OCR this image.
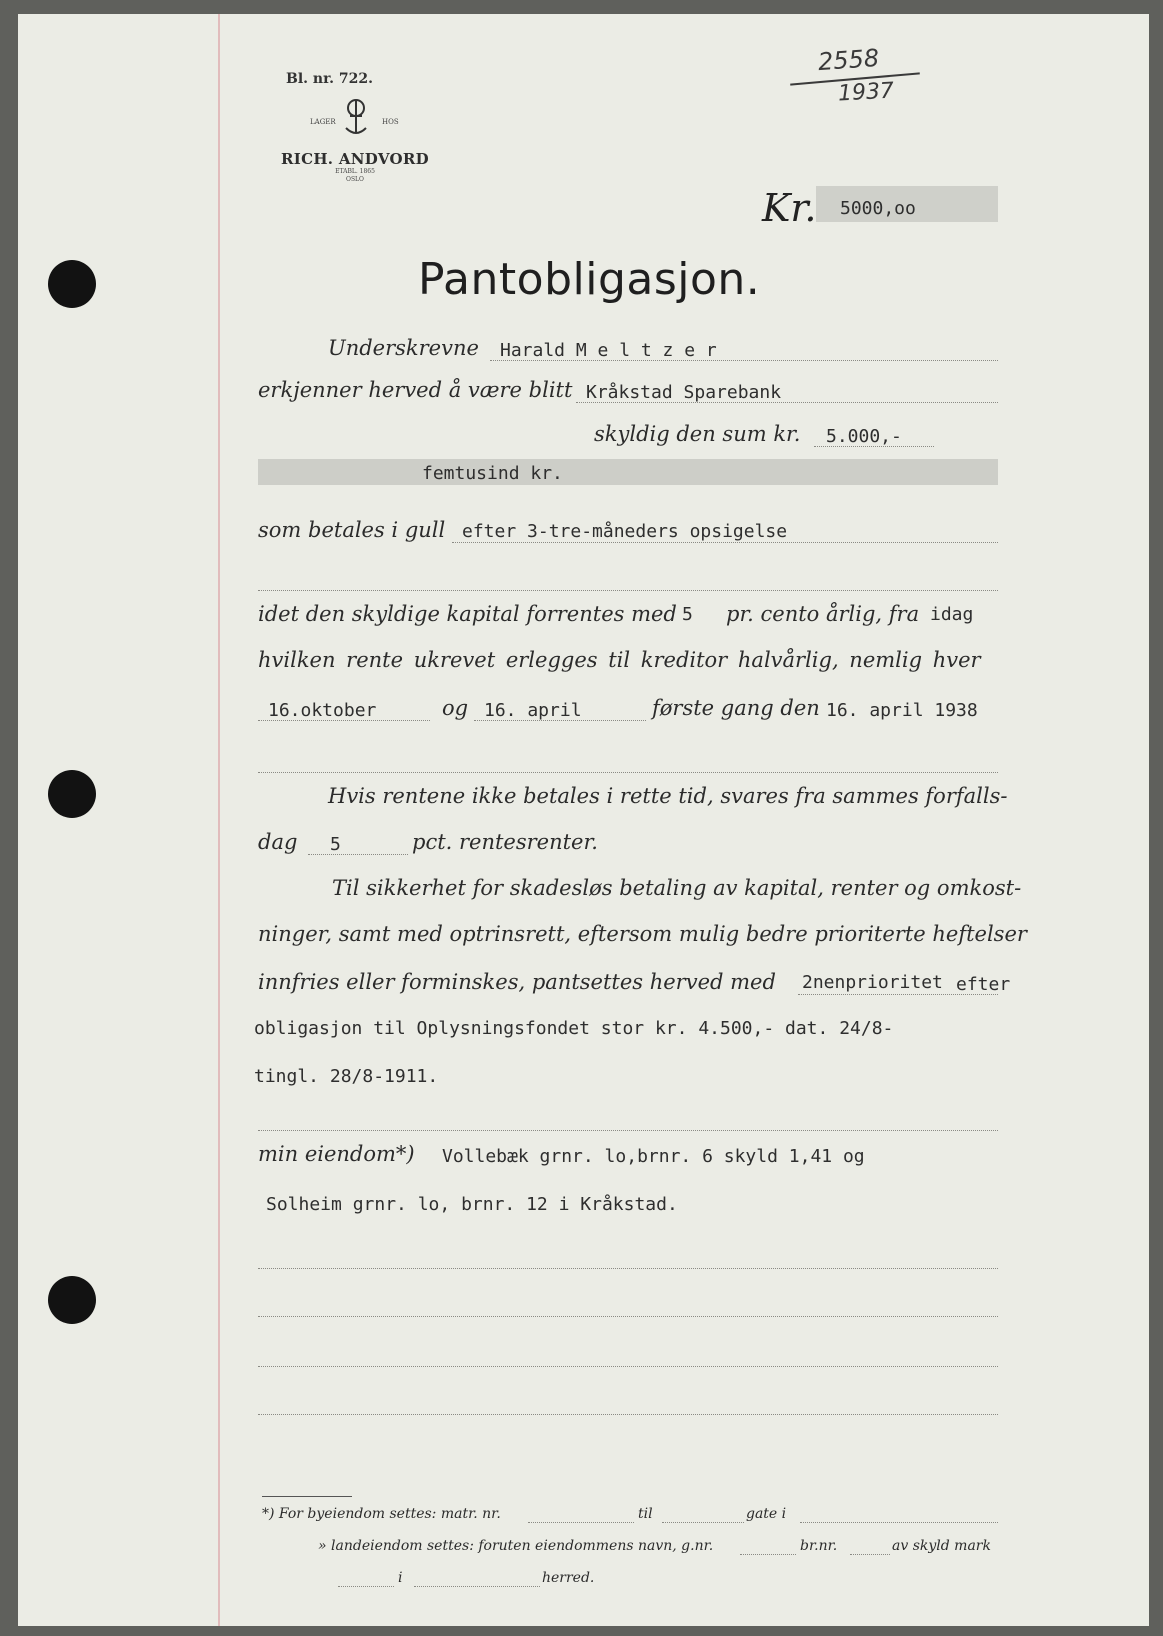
Bl. nr. 722.
LAGER	HOS
RICH. ANDVORD
ETABL. 1865
OSLO
2558
1937
Kr. 5000,oo
Pantobligasjon.
Underskrevne Harald M e l t z e r
erkjenner herved å være blitt Kråkstad Sparebank
skyldig den sum kr. 5.000,-
femtusind kr.
som betales i gull efter 3-tre-måneders opsigelse
idet den skyldige kapital forrentes med 5 pr. cento årlig, fra idag
hvilken rente ukrevet erlegges til kreditor halvårlig, nemlig hver
16.oktober	og 16. april	første gang den 16. april 1938
Hvis rentene ikke betales i rette tid, svares fra sammes forfalls-
dag 5	pct. rentesrenter.
Til sikkerhet for skadesløs betaling av kapital, renter og omkost-
ninger, samt med optrinsrett, eftersom mulig bedre prioriterte heftelser
innfries eller forminskes, pantsettes herved med 2nenprioritet efter
obligasjon til Oplysningsfondet stor kr. 4.500,- dat. 24/8-
tingl. 28/8-1911.
min eiendom*) Vollebæk grnr. lo,brnr. 6 skyld 1,41 og
Solheim grnr. lo, brnr. 12 i Kråkstad.
*) For byeiendom settes: matr. nr.	til	gate i
» landeiendom settes: foruten eiendommens navn, g.nr.	br.nr.	av skyld mark
i	herred.
